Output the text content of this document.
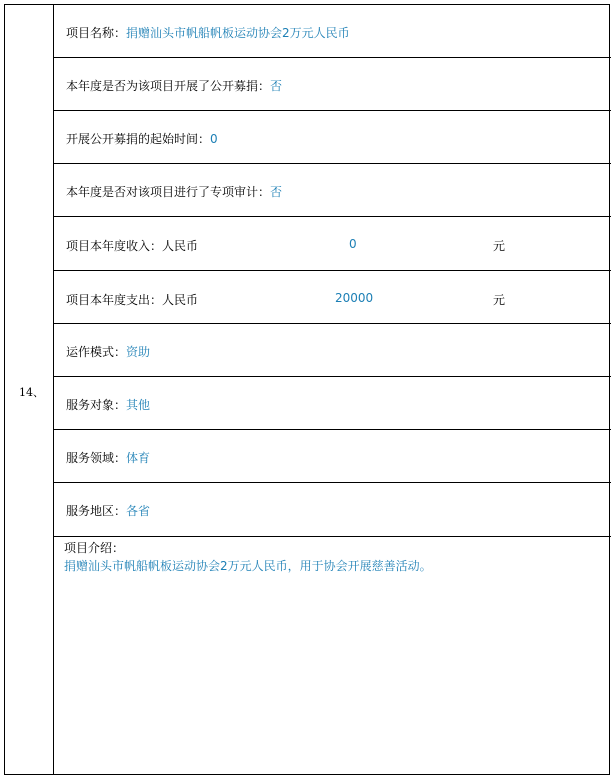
14、
项目名称：捐赠汕头市帆船帆板运动协会2万元人民币
本年度是否为该项目开展了公开募捐：否
开展公开募捐的起始时间：0
本年度是否对该项目进行了专项审计：否
项目本年度收入：人民币	0	元
项目本年度支出：人民币	20000	元
运作模式：资助
服务对象：其他
服务领域：体育
服务地区：各省
项目介绍：
捐赠汕头市帆船帆板运动协会2万元人民币，用于协会开展慈善活动。
